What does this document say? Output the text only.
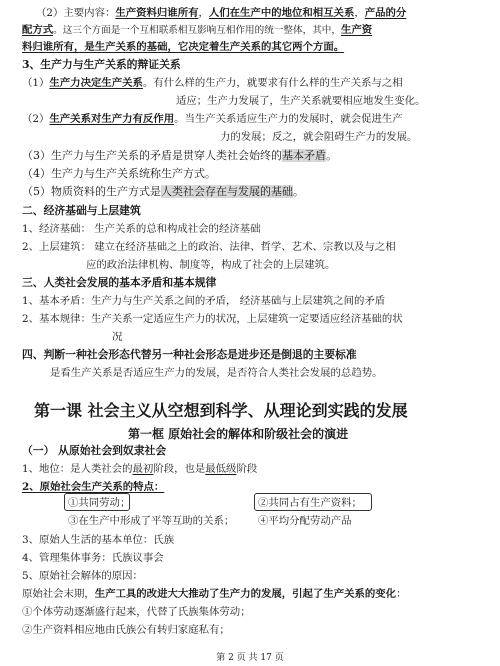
（2）主要内容：生产资料归谁所有，人们在生产中的地位和相互关系，产品的分
配方式。这三个方面是一个互相联系相互影响互相作用的统一整体，其中，生产资
料归谁所有，是生产关系的基础，它决定着生产关系的其它两个方面。
3、生产力与生产关系的辩证关系
（1）生产力决定生产关系。有什么样的生产力，就要求有什么样的生产关系与之相
适应；生产力发展了，生产关系就要相应地发生变化。
（2）生产关系对生产力有反作用。当生产关系适应生产力的发展时，就会促进生产
力的发展；反之，就会阻碍生产力的发展。
（3）生产力与生产关系的矛盾是贯穿人类社会始终的基本矛盾。
（4）生产力与生产关系统称生产方式。
（5）物质资料的生产方式是人类社会存在与发展的基础。
二、经济基础与上层建筑
1、经济基础： 生产关系的总和构成社会的经济基础
2、上层建筑： 建立在经济基础之上的政治、法律、哲学、艺术、宗教以及与之相
应的政治法律机构、制度等，构成了社会的上层建筑。
三、人类社会发展的基本矛盾和基本规律
1、基本矛盾：生产力与生产关系之间的矛盾， 经济基础与上层建筑之间的矛盾
2、基本规律：生产关系一定适应生产力的状况，上层建筑一定要适应经济基础的状
况
四、判断一种社会形态代替另一种社会形态是进步还是倒退的主要标准
是看生产关系是否适应生产力的发展，是否符合人类社会发展的总趋势。
第一课 社会主义从空想到科学、从理论到实践的发展
第一框 原始社会的解体和阶级社会的演进
（一） 从原始社会到奴隶社会
1、地位：是人类社会的最初阶段，也是最低级阶段
2、原始社会生产关系的特点：
①共同劳动；	②共同占有生产资料；
③在生产中形成了平等互助的关系； ④平均分配劳动产品
3、原始人生活的基本单位：氏族
4、管理集体事务：氏族议事会
5、原始社会解体的原因：
原始社会末期，生产工具的改进大大推动了生产力的发展，引起了生产关系的变化：
①个体劳动逐渐盛行起来，代替了氏族集体劳动；
②生产资料相应地由氏族公有转归家庭私有；
第 2 页 共 17 页
